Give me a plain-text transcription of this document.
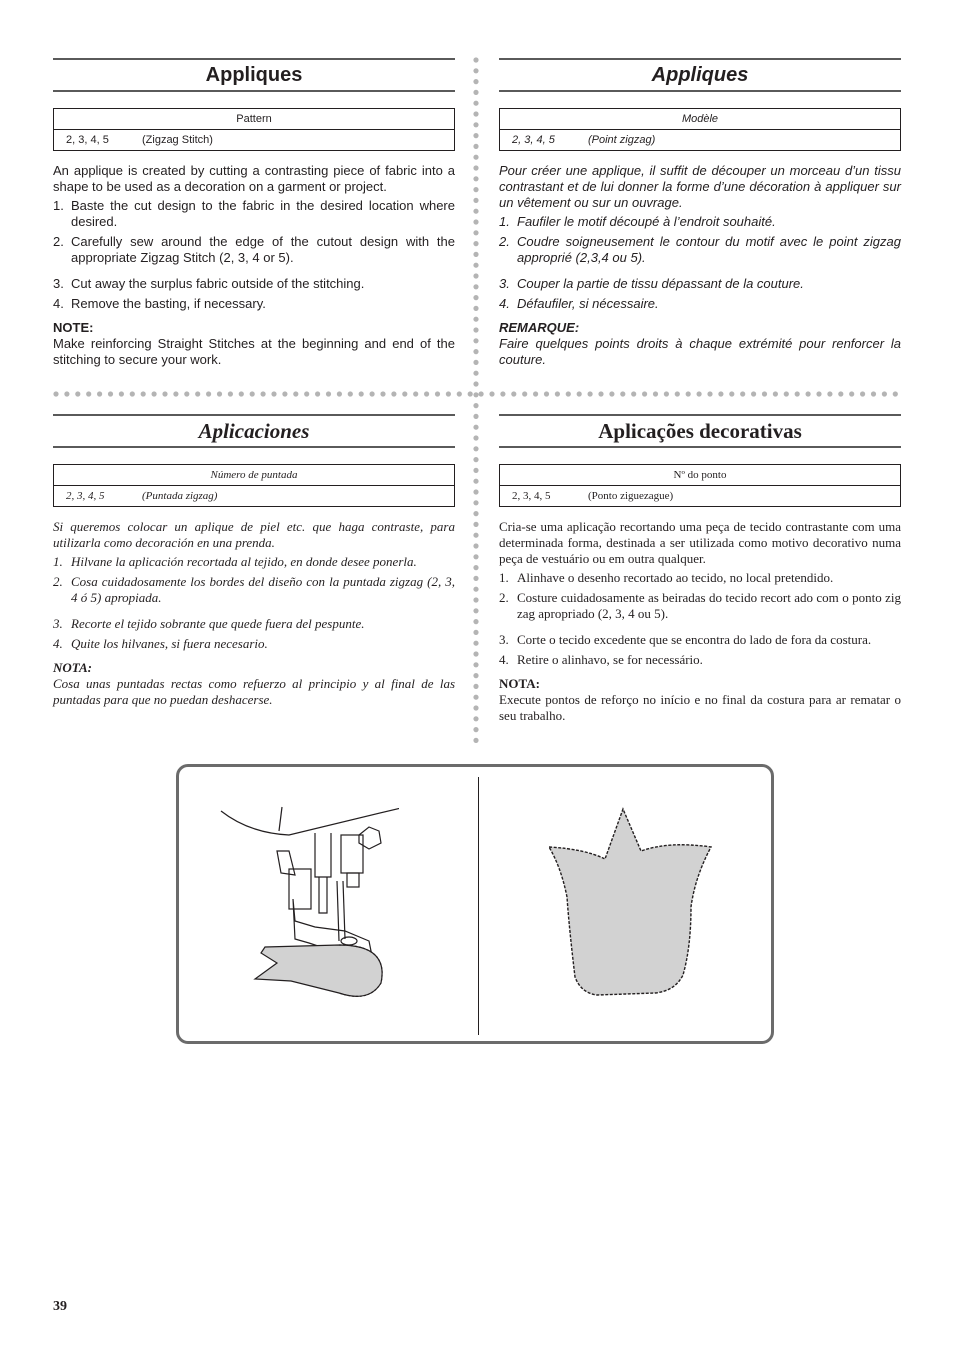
Appliques
Pattern
2, 3, 4, 5	(Zigzag Stitch)

An applique is created by cutting a contrasting piece of fabric into a shape to be used as a decoration on a garment or project.

1. Baste the cut design to the fabric in the desired location where desired.
2. Carefully sew around the edge of the cutout design with the appropriate Zigzag Stitch (2, 3, 4 or 5).
3. Cut away the surplus fabric outside of the stitching.
4. Remove the basting, if necessary.
NOTE:

Make reinforcing Straight Stitches at the beginning and end of the stitching to secure your work.

Appliques
Modèle
2, 3, 4, 5	(Point zigzag)

Pour créer une applique, il suffit de découper un morceau d’un tissu contrastant et de lui donner la forme d’une décoration à appliquer sur un vêtement ou sur un ouvrage.

1. Faufiler le motif découpé à l’endroit souhaité.
2. Coudre soigneusement le contour du motif avec le point zigzag approprié (2,3,4 ou 5).
3. Couper la partie de tissu dépassant de la couture.
4. Défaufiler, si nécessaire.
REMARQUE:

Faire quelques points droits à chaque extrémité pour renforcer la couture.

Aplicaciones
Número de puntada
2, 3, 4, 5	(Puntada zigzag)

Si queremos colocar un aplique de piel etc. que haga contraste, para utilizarla como decoración en una prenda.

1. Hilvane la aplicación recortada al tejido, en donde desee ponerla.
2. Cosa cuidadosamente los bordes del diseño con la puntada zigzag (2, 3, 4 ó 5) apropiada.
3. Recorte el tejido sobrante que quede fuera del pespunte.
4. Quite los hilvanes, si fuera necesario.
NOTA:

Cosa unas puntadas rectas como refuerzo al principio y al final de las puntadas para que no puedan deshacerse.

Aplicações decorativas
Nº do ponto
2, 3, 4, 5	(Ponto ziguezague)

Cria-se uma aplicação recortando uma peça de tecido contrastante com uma determinada forma, destinada a ser utilizada como motivo decorativo numa peça de vestuário ou em outra qualquer.

1. Alinhave o desenho recortado ao tecido, no local pretendido.
2. Costure cuidadosamente as beiradas do tecido recort ado com o ponto zig zag apropriado (2, 3, 4 ou 5).
3. Corte o tecido excedente que se encontra do lado de fora da costura.
4. Retire o alinhavo, se for necessário.
NOTA:

Execute pontos de reforço no início e no final da costura para ar rematar o seu trabalho.

39
